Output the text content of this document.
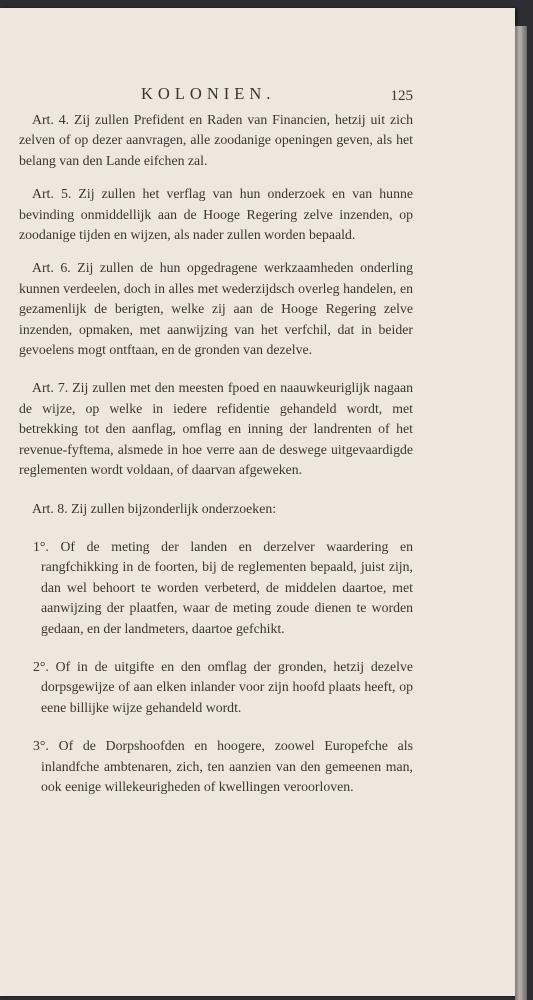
KOLONIEN.	125

Art. 4. Zij zullen Prefident en Raden van Financien, hetzij uit zich zelven of op dezer aanvragen, alle zoodanige openingen geven, als het belang van den Lande eifchen zal.

Art. 5. Zij zullen het verflag van hun onderzoek en van hunne bevinding onmiddellijk aan de Hooge Regering zelve inzenden, op zoodanige tijden en wijzen, als nader zullen worden bepaald.

Art. 6. Zij zullen de hun opgedragene werkzaamheden onderling kunnen verdeelen, doch in alles met wederzijdsch overleg handelen, en gezamenlijk de berigten, welke zij aan de Hooge Regering zelve inzenden, opmaken, met aanwijzing van het verfchil, dat in beider gevoelens mogt ontftaan, en de gronden van dezelve.

Art. 7. Zij zullen met den meesten fpoed en naauwkeuriglijk nagaan de wijze, op welke in iedere refidentie gehandeld wordt, met betrekking tot den aanflag, omflag en inning der landrenten of het revenue-fyftema, alsmede in hoe verre aan de deswege uitgevaardigde reglementen wordt voldaan, of daarvan afgeweken.

Art. 8. Zij zullen bijzonderlijk onderzoeken:

1°. Of de meting der landen en derzelver waardering en rangfchikking in de foorten, bij de reglementen bepaald, juist zijn, dan wel behoort te worden verbeterd, de middelen daartoe, met aanwijzing der plaatfen, waar de meting zoude dienen te worden gedaan, en der landmeters, daartoe gefchikt.

2°. Of in de uitgifte en den omflag der gronden, hetzij dezelve dorpsgewijze of aan elken inlander voor zijn hoofd plaats heeft, op eene billijke wijze gehandeld wordt.

3°. Of de Dorpshoofden en hoogere, zoowel Europefche als inlandfche ambtenaren, zich, ten aanzien van den gemeenen man, ook eenige willekeurigheden of kwellingen veroorloven.
